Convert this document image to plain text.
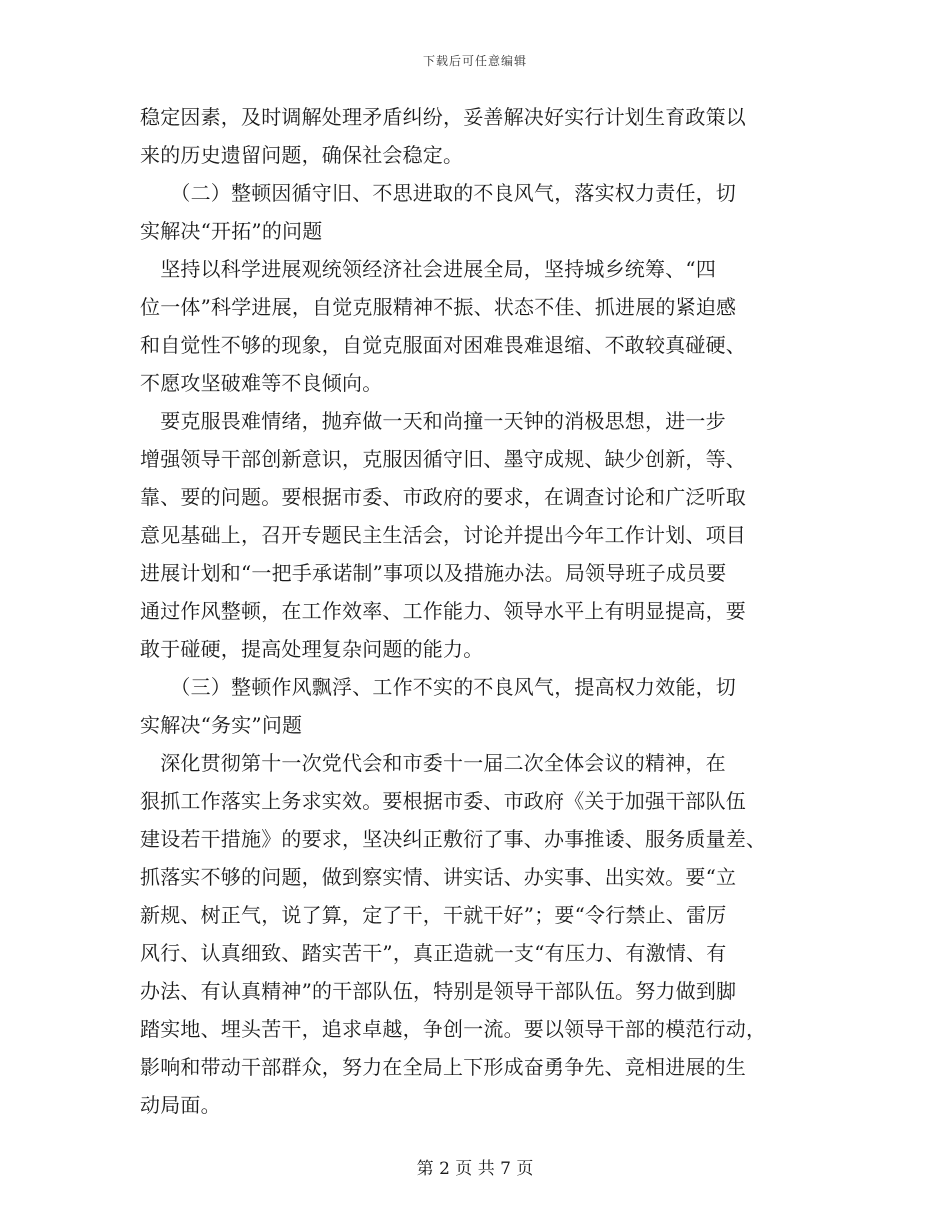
下载后可任意编辑
稳定因素，及时调解处理矛盾纠纷，妥善解决好实行计划生育政策以
来的历史遗留问题，确保社会稳定。
　　（二）整顿因循守旧、不思进取的不良风气，落实权力责任，切
实解决“开拓”的问题
　坚持以科学进展观统领经济社会进展全局，坚持城乡统筹、“四
位一体”科学进展，自觉克服精神不振、状态不佳、抓进展的紧迫感
和自觉性不够的现象，自觉克服面对困难畏难退缩、不敢较真碰硬、
不愿攻坚破难等不良倾向。
　要克服畏难情绪，抛弃做一天和尚撞一天钟的消极思想，进一步
增强领导干部创新意识，克服因循守旧、墨守成规、缺少创新，等、
靠、要的问题。要根据市委、市政府的要求，在调查讨论和广泛听取
意见基础上，召开专题民主生活会，讨论并提出今年工作计划、项目
进展计划和“一把手承诺制”事项以及措施办法。局领导班子成员要
通过作风整顿，在工作效率、工作能力、领导水平上有明显提高，要
敢于碰硬，提高处理复杂问题的能力。
　　（三）整顿作风飘浮、工作不实的不良风气，提高权力效能，切
实解决“务实”问题
　深化贯彻第十一次党代会和市委十一届二次全体会议的精神，在
狠抓工作落实上务求实效。要根据市委、市政府《关于加强干部队伍
建设若干措施》的要求，坚决纠正敷衍了事、办事推诿、服务质量差、
抓落实不够的问题，做到察实情、讲实话、办实事、出实效。要“立
新规、树正气，说了算，定了干，干就干好”；要“令行禁止、雷厉
风行、认真细致、踏实苦干”，真正造就一支“有压力、有激情、有
办法、有认真精神”的干部队伍，特别是领导干部队伍。努力做到脚
踏实地、埋头苦干，追求卓越，争创一流。要以领导干部的模范行动，
影响和带动干部群众，努力在全局上下形成奋勇争先、竞相进展的生
动局面。
第 2 页 共 7 页
